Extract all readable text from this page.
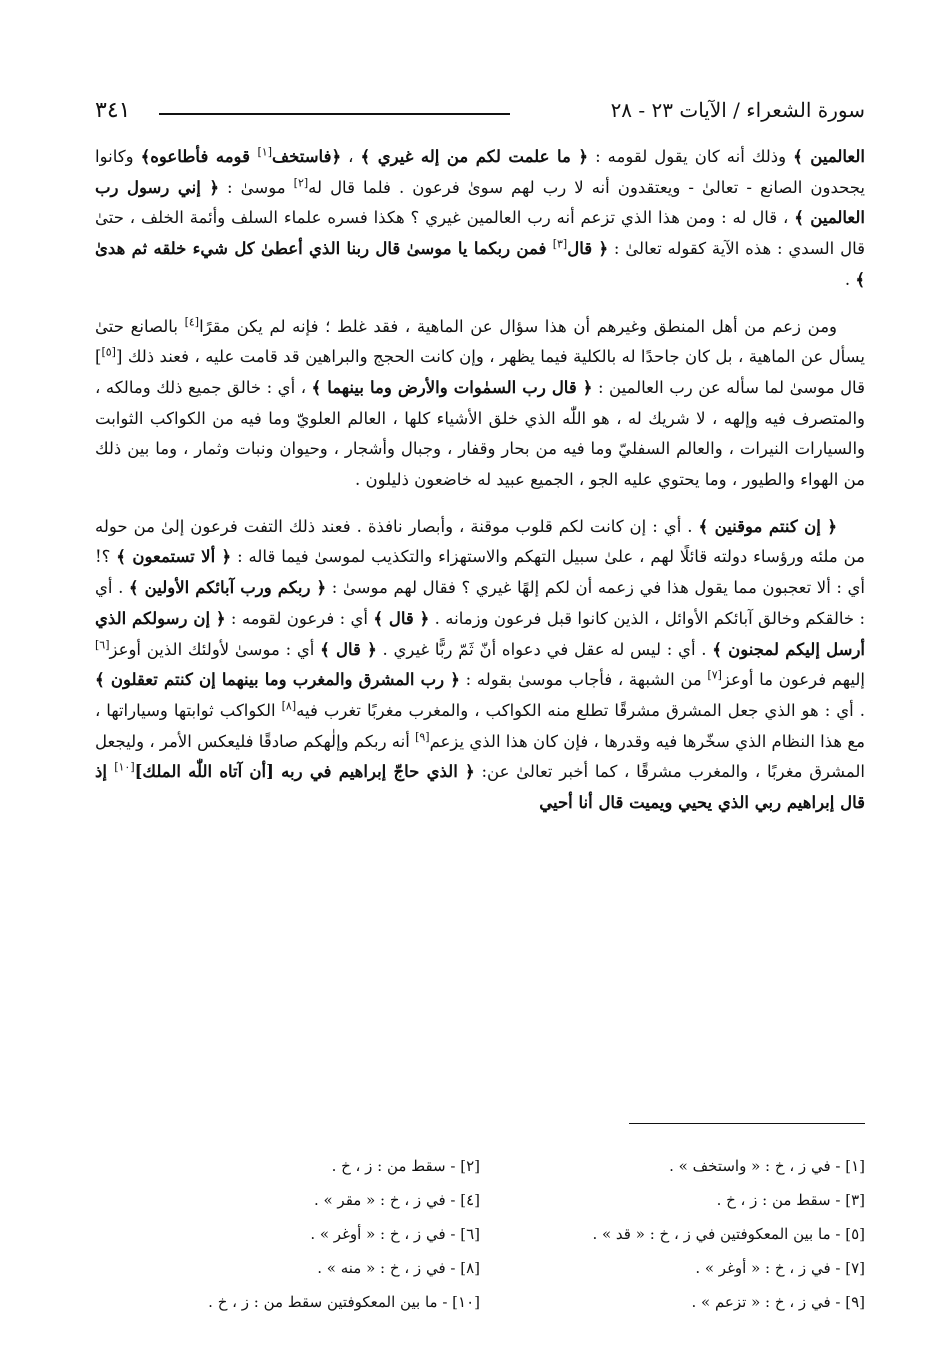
سورة الشعراء / الآيات ٢٣ - ٢٨
٣٤١

العالمين ﴾ وذلك أنه كان يقول لقومه : ﴿ ما علمت لكم من إله غيري ﴾ ، ﴿فاستخف[١] قومه فأطاعوه﴾ وكانوا يجحدون الصانع - تعالىٰ - ويعتقدون أنه لا رب لهم سوىٰ فرعون . فلما قال له[٢] موسىٰ : ﴿ إني رسول رب العالمين ﴾ ، قال له : ومن هذا الذي تزعم أنه رب العالمين غيري ؟ هكذا فسره علماء السلف وأئمة الخلف ، حتىٰ قال السدي : هذه الآية كقوله تعالىٰ : ﴿ قال[٣] فمن ربكما يا موسىٰ قال ربنا الذي أعطىٰ كل شيء خلقه ثم هدىٰ ﴾ .

ومن زعم من أهل المنطق وغيرهم أن هذا سؤال عن الماهية ، فقد غلط ؛ فإنه لم يكن مقرًا[٤] بالصانع حتىٰ يسأل عن الماهية ، بل كان جاحدًا له بالكلية فيما يظهر ، وإن كانت الحجج والبراهين قد قامت عليه ، فعند ذلك [[٥]] قال موسىٰ لما سأله عن رب العالمين : ﴿ قال رب السمٰوات والأرض وما بينهما ﴾ ، أي : خالق جميع ذلك ومالكه ، والمتصرف فيه وإلهه ، لا شريك له ، هو اللّٰه الذي خلق الأشياء كلها ، العالم العلويّ وما فيه من الكواكب الثوابت والسيارات النيرات ، والعالم السفليّ وما فيه من بحار وقفار ، وجبال وأشجار ، وحيوان ونبات وثمار ، وما بين ذلك من الهواء والطيور ، وما يحتوي عليه الجو ، الجميع عبيد له خاضعون ذليلون .

﴿ إن كنتم موقنين ﴾ . أي : إن كانت لكم قلوب موقنة ، وأبصار نافذة . فعند ذلك التفت فرعون إلىٰ من حوله من ملئه ورؤساء دولته قائلًا لهم ، علىٰ سبيل التهكم والاستهزاء والتكذيب لموسىٰ فيما قاله : ﴿ ألا تستمعون ﴾ ؟! أي : ألا تعجبون مما يقول هذا في زعمه أن لكم إلهًا غيري ؟ فقال لهم موسىٰ : ﴿ ربكم ورب آبائكم الأولين ﴾ . أي : خالقكم وخالق آبائكم الأوائل ، الذين كانوا قبل فرعون وزمانه . ﴿ قال ﴾ أي : فرعون لقومه : ﴿ إن رسولكم الذي أرسل إليكم لمجنون ﴾ . أي : ليس له عقل في دعواه أنّ ثَمّ ربًّا غيري . ﴿ قال ﴾ أي : موسىٰ لأولئك الذين أوعز[٦] إليهم فرعون ما أوعز[٧] من الشبهة ، فأجاب موسىٰ بقوله : ﴿ رب المشرق والمغرب وما بينهما إن كنتم تعقلون ﴾ . أي : هو الذي جعل المشرق مشرقًا تطلع منه الكواكب ، والمغرب مغربًا تغرب فيه[٨] الكواكب ثوابتها وسياراتها ، مع هذا النظام الذي سخّرها فيه وقدرها ، فإن كان هذا الذي يزعم[٩] أنه ربكم وإلٰهكم صادقًا فليعكس الأمر ، وليجعل المشرق مغربًا ، والمغرب مشرقًا ، كما أخبر تعالىٰ عن: ﴿ الذي حاجّ إبراهيم في ربه [أن آتاه اللّٰه الملك][١٠] إذ قال إبراهيم ربي الذي يحيي ويميت قال أنا أحيي

[١] - في ز ، خ : « واستخف » .
[٢] - سقط من : ز ، خ .
[٣] - سقط من : ز ، خ .
[٤] - في ز ، خ : « مقر » .
[٥] - ما بين المعكوفتين في ز ، خ : « قد » .
[٦] - في ز ، خ : « أوغر » .
[٧] - في ز ، خ : « أوغر » .
[٨] - في ز ، خ : « منه » .
[٩] - في ز ، خ : « تزعم » .
[١٠] - ما بين المعكوفتين سقط من : ز ، خ .
